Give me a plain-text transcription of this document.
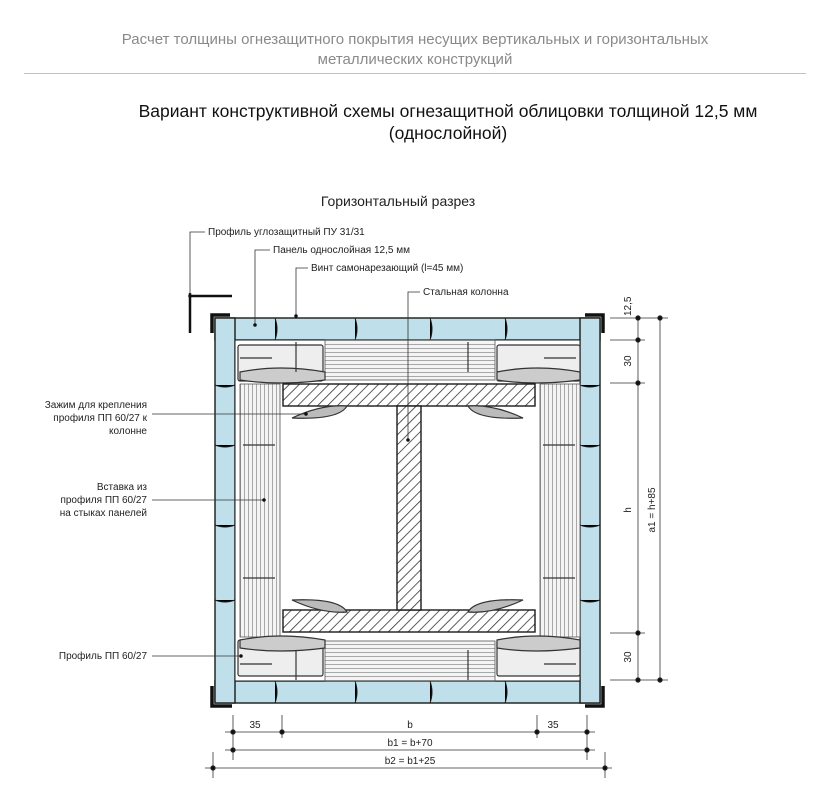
Расчет толщины огнезащитного покрытия несущих вертикальных и горизонтальных
металлических конструкций
Вариант конструктивной схемы огнезащитной облицовки толщиной 12,5 мм
(однослойной)
Горизонтальный разрез
Профиль углозащитный ПУ 31/31
Панель однослойная 12,5 мм
Винт самонарезающий (l=45 мм)
Стальная колонна
Зажим для крепления
профиля ПП 60/27 к
колонне
Вставка из
профиля ПП 60/27
на стыках панелей
Профиль ПП 60/27
12,5
30
h a1 = h+85
30
35	b	35
b1 = b+70
b2 = b1+25
